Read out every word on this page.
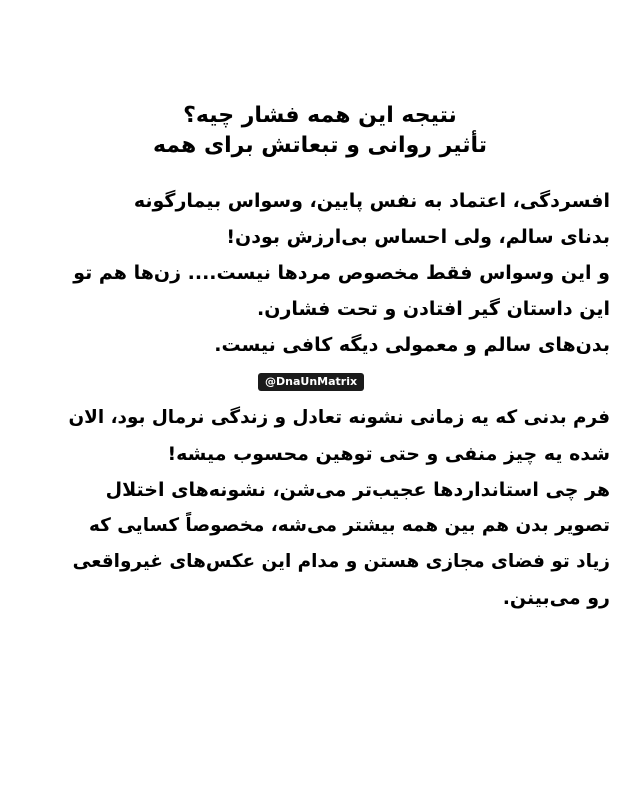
نتیجه این همه فشار چیه؟
تأثیر روانی و تبعاتش برای همه
افسردگی، اعتماد به نفس پایین، وسواس بیمارگونه
بدنای سالم، ولی احساس بی‌ارزش بودن!
و این وسواس فقط مخصوص مردها نیست.... زن‌ها هم تو
این داستان گیر افتادن و تحت فشارن.
بدن‌های سالم و معمولی دیگه کافی نیست.
@DnaUnMatrix
فرم بدنی که یه زمانی نشونه تعادل و زندگی نرمال بود، الان
شده یه چیز منفی و حتی توهین محسوب میشه!
هر چی استانداردها عجیب‌تر می‌شن، نشونه‌های اختلال
تصویر بدن هم بین همه بیشتر می‌شه، مخصوصاً کسایی که
زیاد تو فضای مجازی هستن و مدام این عکس‌های غیرواقعی
رو می‌بینن.
